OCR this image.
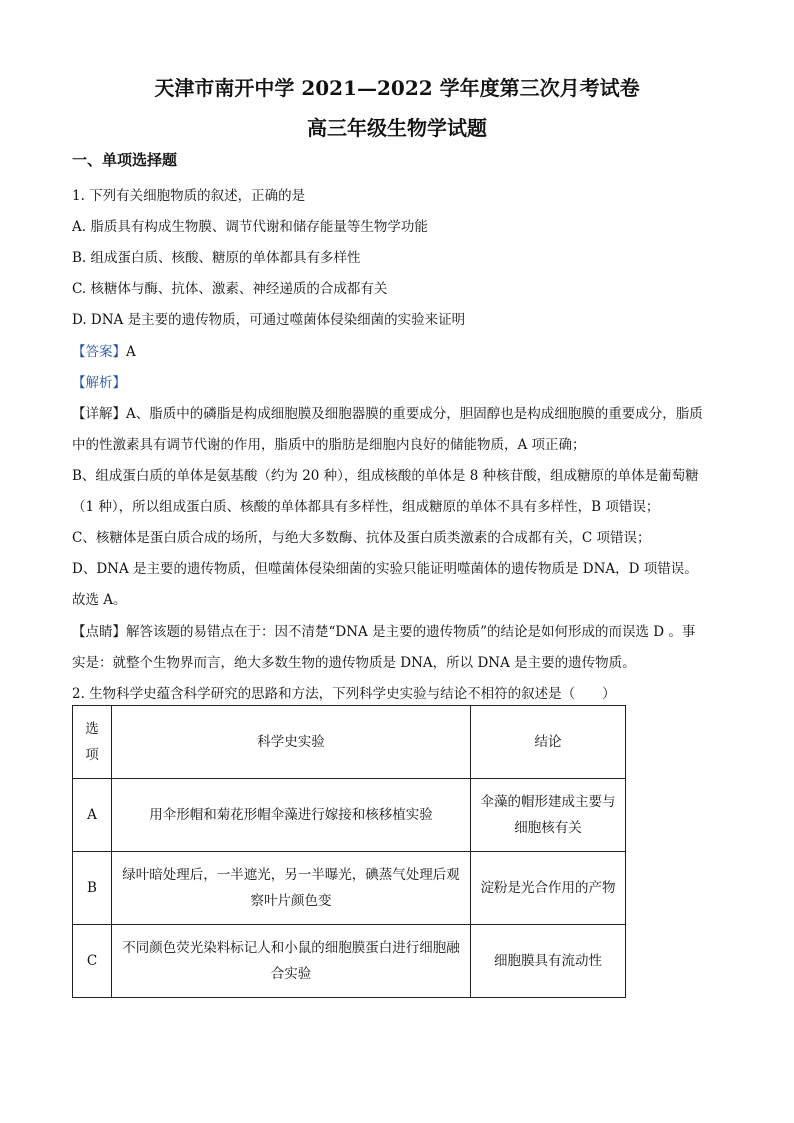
天津市南开中学 2021—2022 学年度第三次月考试卷
高三年级生物学试题
一、单项选择题
1. 下列有关细胞物质的叙述，正确的是
A. 脂质具有构成生物膜、调节代谢和储存能量等生物学功能
B. 组成蛋白质、核酸、糖原的单体都具有多样性
C. 核糖体与酶、抗体、激素、神经递质的合成都有关
D. DNA 是主要的遗传物质，可通过噬菌体侵染细菌的实验来证明
【答案】A
【解析】
【详解】A、脂质中的磷脂是构成细胞膜及细胞器膜的重要成分，胆固醇也是构成细胞膜的重要成分，脂质
中的性激素具有调节代谢的作用，脂质中的脂肪是细胞内良好的储能物质，A 项正确；
B、组成蛋白质的单体是氨基酸（约为 20 种），组成核酸的单体是 8 种核苷酸，组成糖原的单体是葡萄糖
（1 种），所以组成蛋白质、核酸的单体都具有多样性，组成糖原的单体不具有多样性，B 项错误；
C、核糖体是蛋白质合成的场所，与绝大多数酶、抗体及蛋白质类激素的合成都有关，C 项错误；
D、DNA 是主要的遗传物质，但噬菌体侵染细菌的实验只能证明噬菌体的遗传物质是 DNA，D 项错误。
故选 A。
【点睛】解答该题的易错点在于：因不清楚“DNA 是主要的遗传物质”的结论是如何形成的而误选 D 。事
实是：就整个生物界而言，绝大多数生物的遗传物质是 DNA，所以 DNA 是主要的遗传物质。
2. 生物科学史蕴含科学研究的思路和方法，下列科学史实验与结论不相符的叙述是（　　）
选项	科学史实验	结论
A	用伞形帽和菊花形帽伞藻进行嫁接和核移植实验	伞藻的帽形建成主要与细胞核有关
B	绿叶暗处理后，一半遮光，另一半曝光，碘蒸气处理后观察叶片颜色变	淀粉是光合作用的产物
C	不同颜色荧光染料标记人和小鼠的细胞膜蛋白进行细胞融合实验	细胞膜具有流动性
